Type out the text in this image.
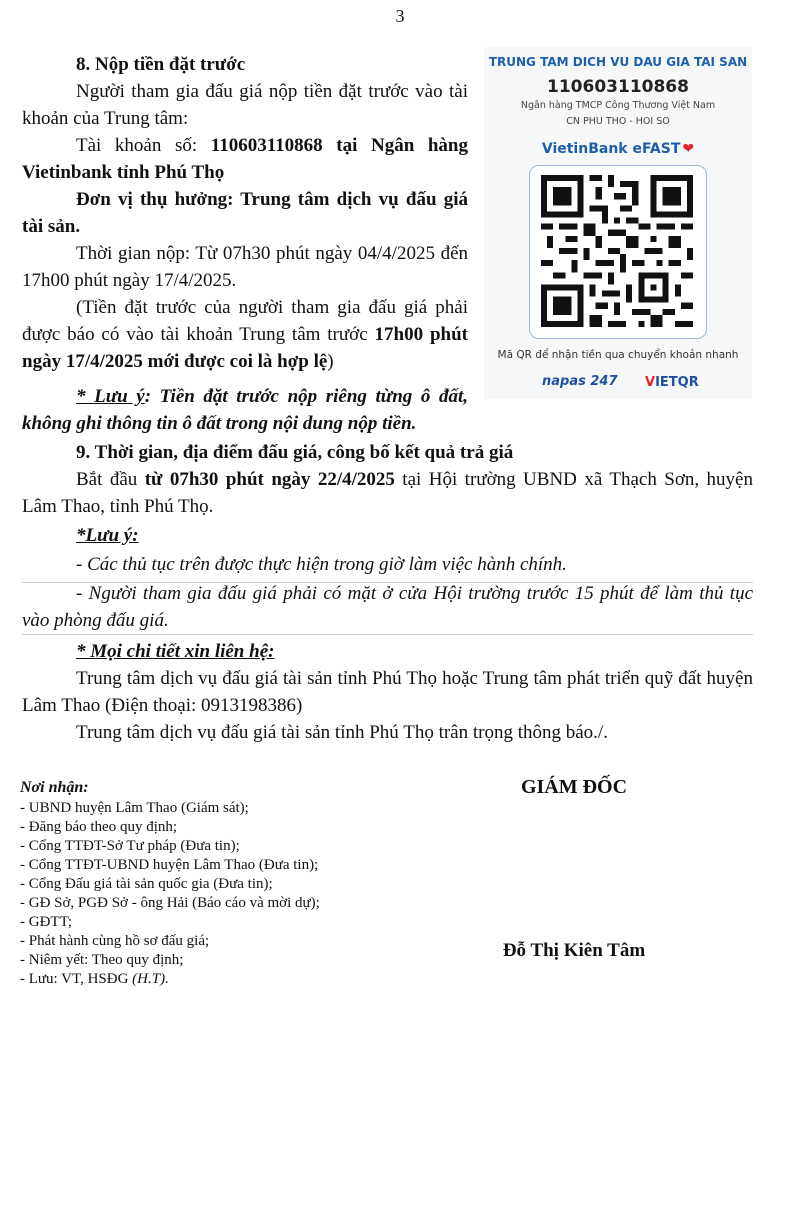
3
8. Nộp tiền đặt trước

Người tham gia đấu giá nộp tiền đặt trước vào tài khoản của Trung tâm:

Tài khoản số: 110603110868 tại Ngân hàng Vietinbank tỉnh Phú Thọ

Đơn vị thụ hưởng: Trung tâm dịch vụ đấu giá tài sản.

Thời gian nộp: Từ 07h30 phút ngày 04/4/2025 đến 17h00 phút ngày 17/4/2025.

(Tiền đặt trước của người tham gia đấu giá phải được báo có vào tài khoản Trung tâm trước 17h00 phút ngày 17/4/2025 mới được coi là hợp lệ)

* Lưu ý: Tiền đặt trước nộp riêng từng ô đất, không ghi thông tin ô đất trong nội dung nộp tiền.

TRUNG TAM DICH VU DAU GIA TAI SAN
110603110868
Ngân hàng TMCP Công Thương Việt Nam
CN PHU THO - HOI SO
VietinBank eFAST ❤
Mã QR để nhận tiền qua chuyển khoản nhanh
napas 247 VIETQR
9. Thời gian, địa điểm đấu giá, công bố kết quả trả giá

Bắt đầu từ 07h30 phút ngày 22/4/2025 tại Hội trường UBND xã Thạch Sơn, huyện Lâm Thao, tỉnh Phú Thọ.

*Lưu ý:
- Các thủ tục trên được thực hiện trong giờ làm việc hành chính.

- Người tham gia đấu giá phải có mặt ở cửa Hội trường trước 15 phút để làm thủ tục vào phòng đấu giá.

* Mọi chi tiết xin liên hệ:

Trung tâm dịch vụ đấu giá tài sản tỉnh Phú Thọ hoặc Trung tâm phát triển quỹ đất huyện Lâm Thao (Điện thoại: 0913198386)

Trung tâm dịch vụ đấu giá tài sản tỉnh Phú Thọ trân trọng thông báo./.

Nơi nhận:
- UBND huyện Lâm Thao (Giám sát);
- Đăng báo theo quy định;
- Cổng TTĐT-Sở Tư pháp (Đưa tin);
- Cổng TTĐT-UBND huyện Lâm Thao (Đưa tin);
- Cổng Đấu giá tài sản quốc gia (Đưa tin);
- GĐ Sở, PGĐ Sở - ông Hải (Báo cáo và mời dự);
- GĐTT;
- Phát hành cùng hồ sơ đấu giá;
- Niêm yết: Theo quy định;
- Lưu: VT, HSĐG (H.T).
GIÁM ĐỐC
Đỗ Thị Kiên Tâm
